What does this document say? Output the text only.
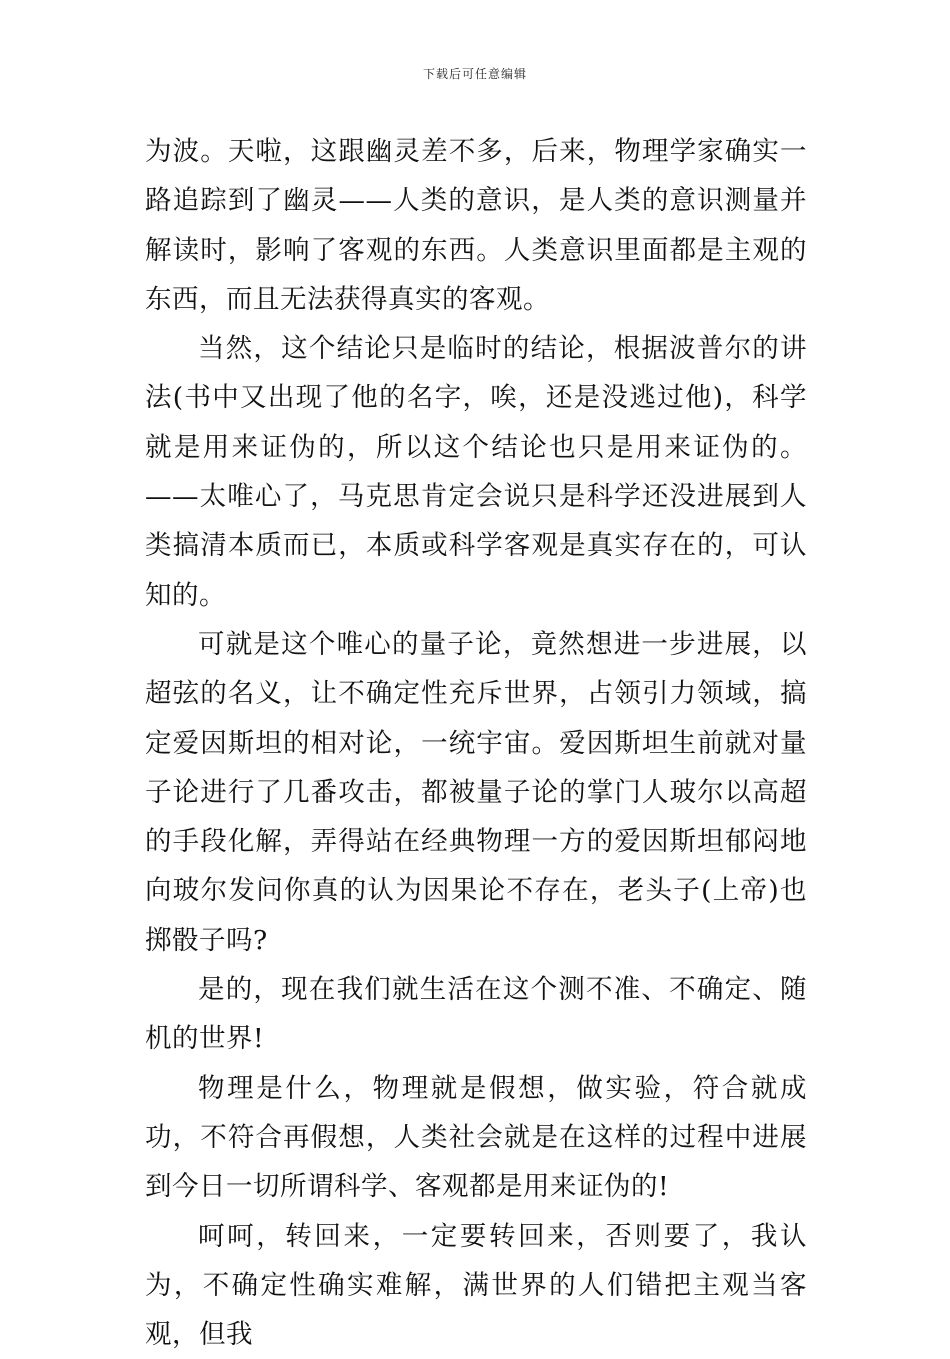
下载后可任意编辑

为波。天啦，这跟幽灵差不多，后来，物理学家确实一路追踪到了幽灵——人类的意识，是人类的意识测量并解读时，影响了客观的东西。人类意识里面都是主观的东西，而且无法获得真实的客观。

当然，这个结论只是临时的结论，根据波普尔的讲法(书中又出现了他的名字，唉，还是没逃过他)，科学就是用来证伪的，所以这个结论也只是用来证伪的。——太唯心了，马克思肯定会说只是科学还没进展到人类搞清本质而已，本质或科学客观是真实存在的，可认知的。

可就是这个唯心的量子论，竟然想进一步进展，以超弦的名义，让不确定性充斥世界，占领引力领域，搞定爱因斯坦的相对论，一统宇宙。爱因斯坦生前就对量子论进行了几番攻击，都被量子论的掌门人玻尔以高超的手段化解，弄得站在经典物理一方的爱因斯坦郁闷地向玻尔发问你真的认为因果论不存在，老头子(上帝)也掷骰子吗?

是的，现在我们就生活在这个测不准、不确定、随机的世界!

物理是什么，物理就是假想，做实验，符合就成功，不符合再假想，人类社会就是在这样的过程中进展到今日一切所谓科学、客观都是用来证伪的!

呵呵，转回来，一定要转回来，否则要了，我认为，不确定性确实难解，满世界的人们错把主观当客观，但我
